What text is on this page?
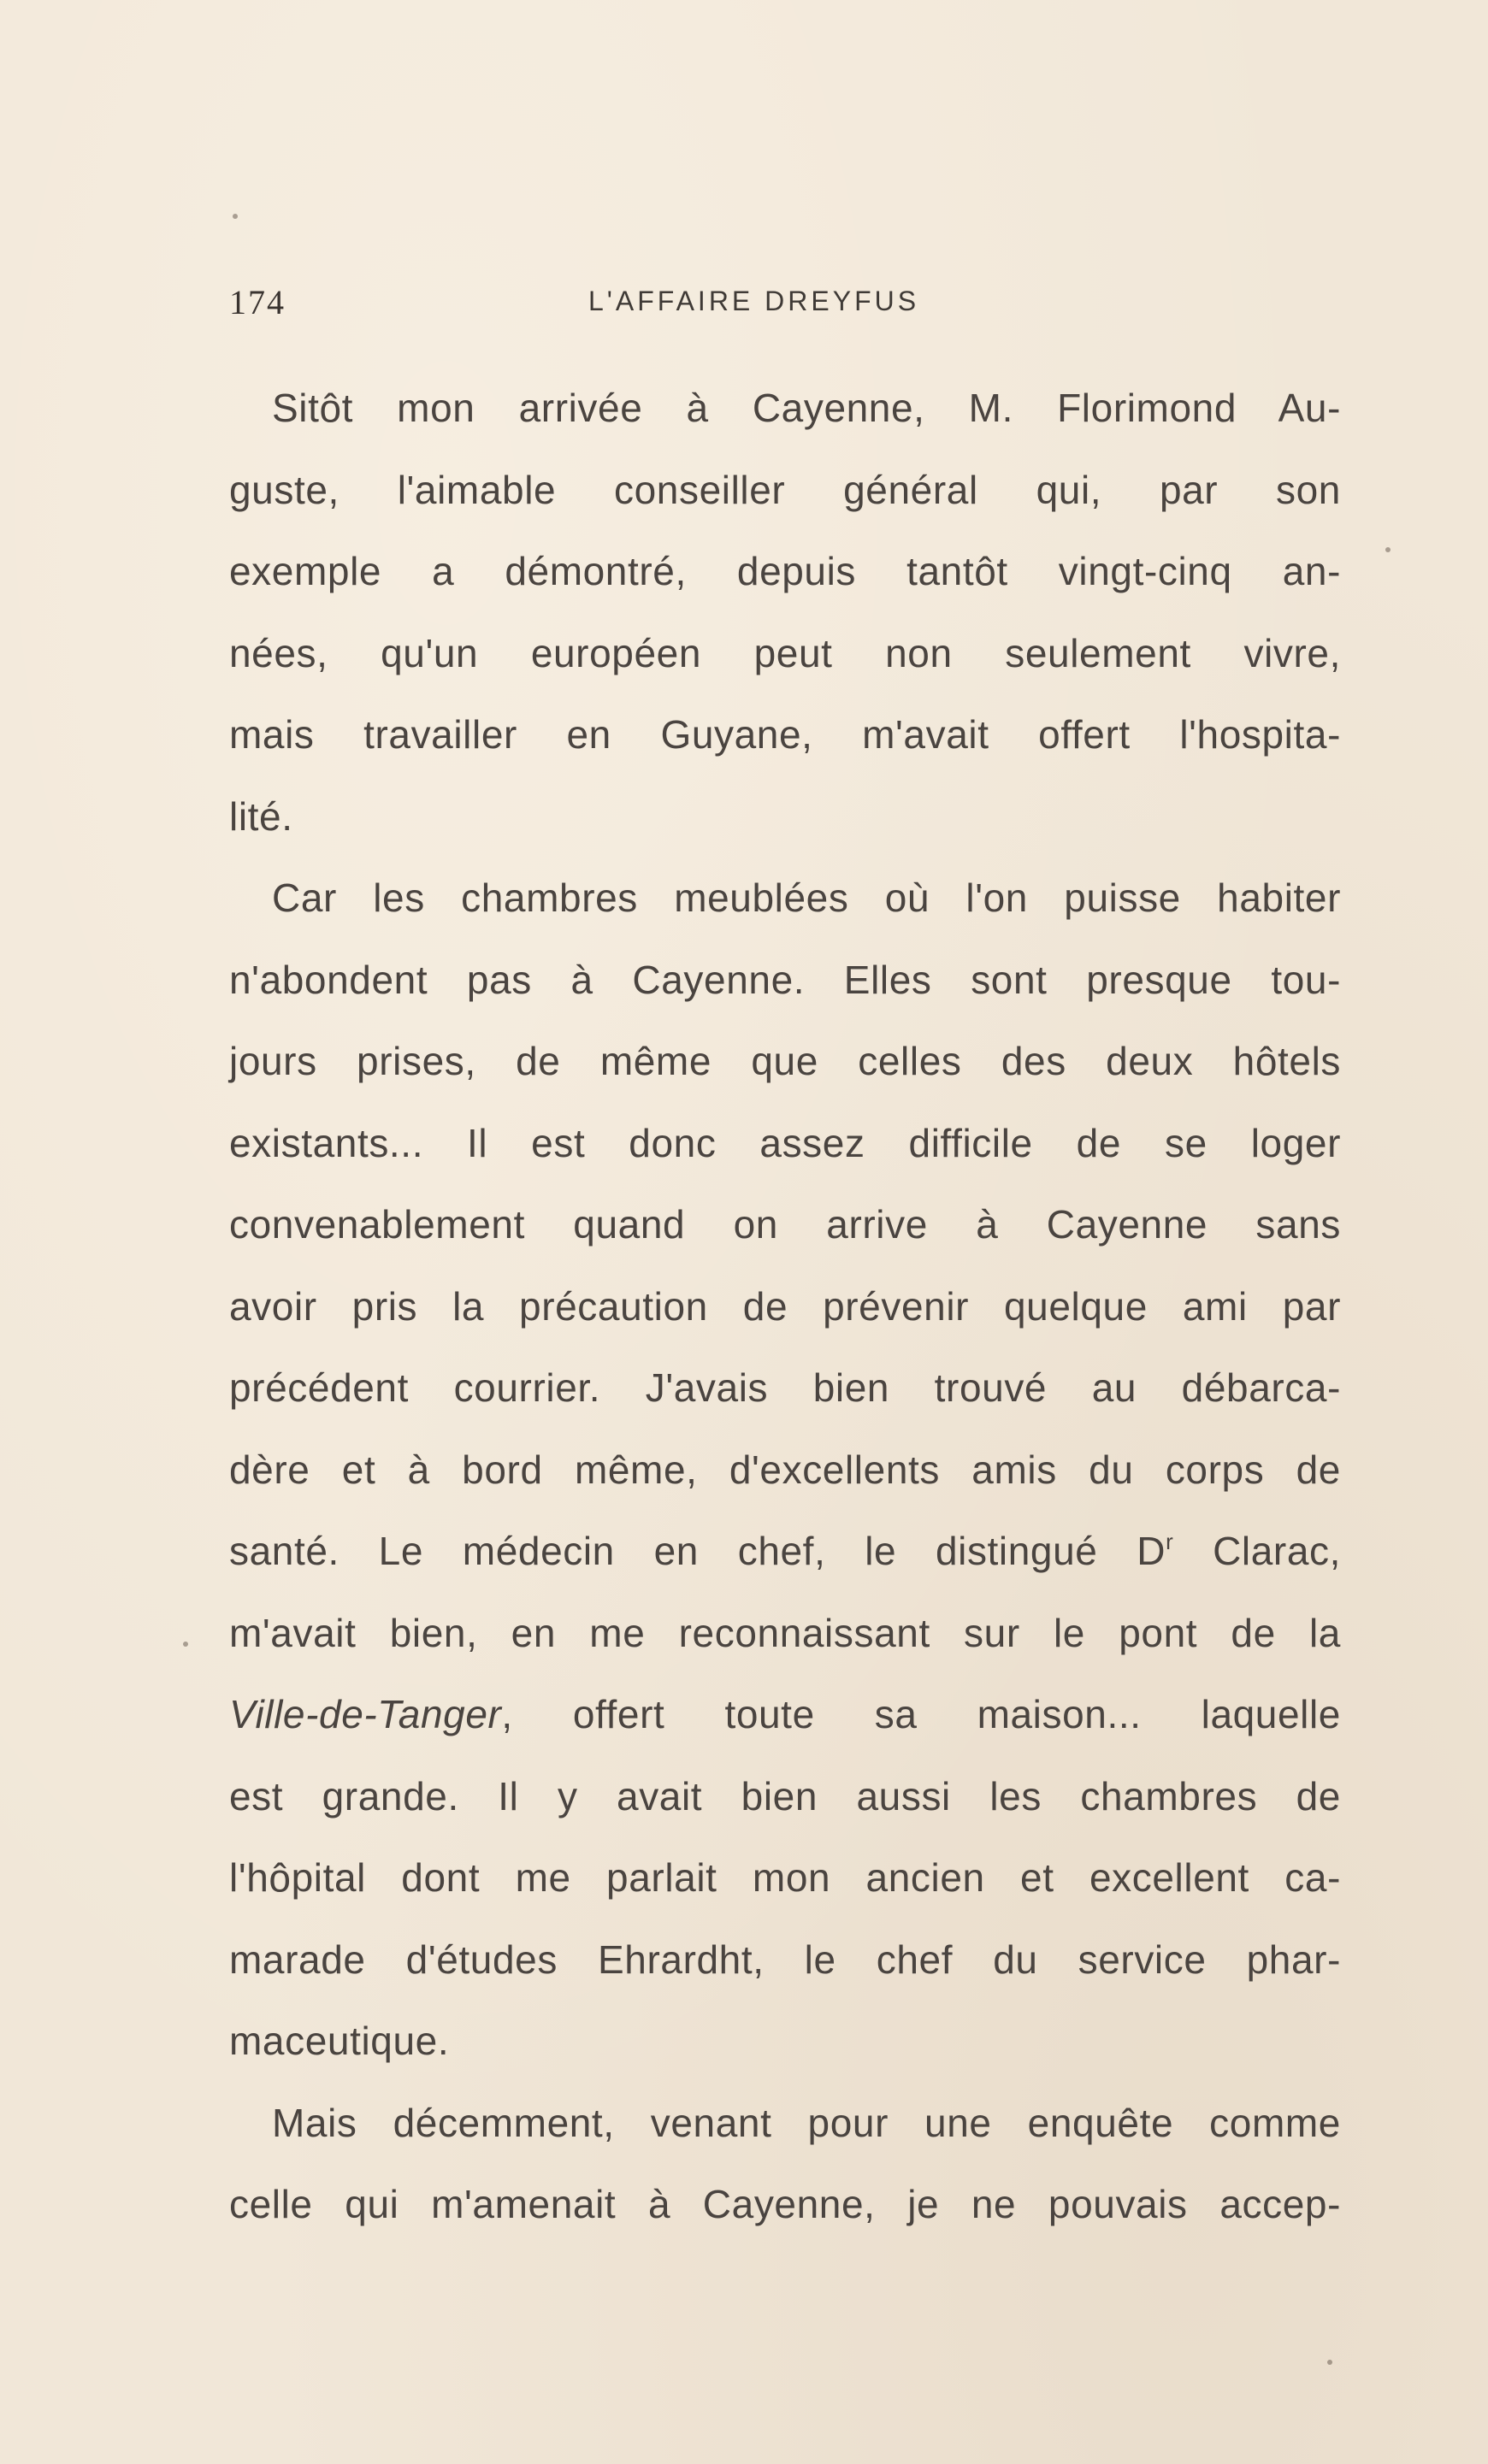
174	L'AFFAIRE DREYFUS
Sitôt mon arrivée à Cayenne, M. Florimond Au-
guste, l'aimable conseiller général qui, par son
exemple a démontré, depuis tantôt vingt-cinq an-
nées, qu'un européen peut non seulement vivre,
mais travailler en Guyane, m'avait offert l'hospita-
lité.
Car les chambres meublées où l'on puisse habiter
n'abondent pas à Cayenne. Elles sont presque tou-
jours prises, de même que celles des deux hôtels
existants... Il est donc assez difficile de se loger
convenablement quand on arrive à Cayenne sans
avoir pris la précaution de prévenir quelque ami par
précédent courrier. J'avais bien trouvé au débarca-
dère et à bord même, d'excellents amis du corps de
santé. Le médecin en chef, le distingué $D^r$ Clarac,
m'avait bien, en me reconnaissant sur le pont de la
Ville-de-Tanger, offert toute sa maison... laquelle
est grande. Il y avait bien aussi les chambres de
l'hôpital dont me parlait mon ancien et excellent ca-
marade d'études Ehrardht, le chef du service phar-
maceutique.
Mais décemment, venant pour une enquête comme
celle qui m'amenait à Cayenne, je ne pouvais accep-
